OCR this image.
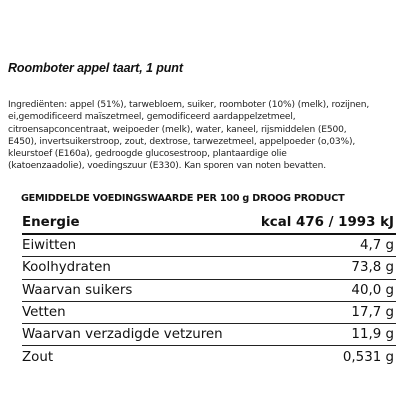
Roomboter appel taart, 1 punt
Ingrediënten: appel (51%), tarwebloem, suiker, roomboter (10%) (melk), rozijnen,
ei,gemodificeerd maïszetmeel, gemodificeerd aardappelzetmeel,
citroensapconcentraat, weipoeder (melk), water, kaneel, rijsmiddelen (E500,
E450), invertsuikerstroop, zout, dextrose, tarwezetmeel, appelpoeder (o,03%),
kleurstoef (E160a), gedroogde glucosestroop, plantaardige olie
(katoenzaadolie), voedingszuur (E330). Kan sporen van noten bevatten.
GEMIDDELDE VOEDINGSWAARDE PER 100 g DROOG PRODUCT
Energie	kcal 476 / 1993 kJ
Eiwitten	4,7 g
Koolhydraten	73,8 g
Waarvan suikers	40,0 g
Vetten	17,7 g
Waarvan verzadigde vetzuren	11,9 g
Zout	0,531 g
